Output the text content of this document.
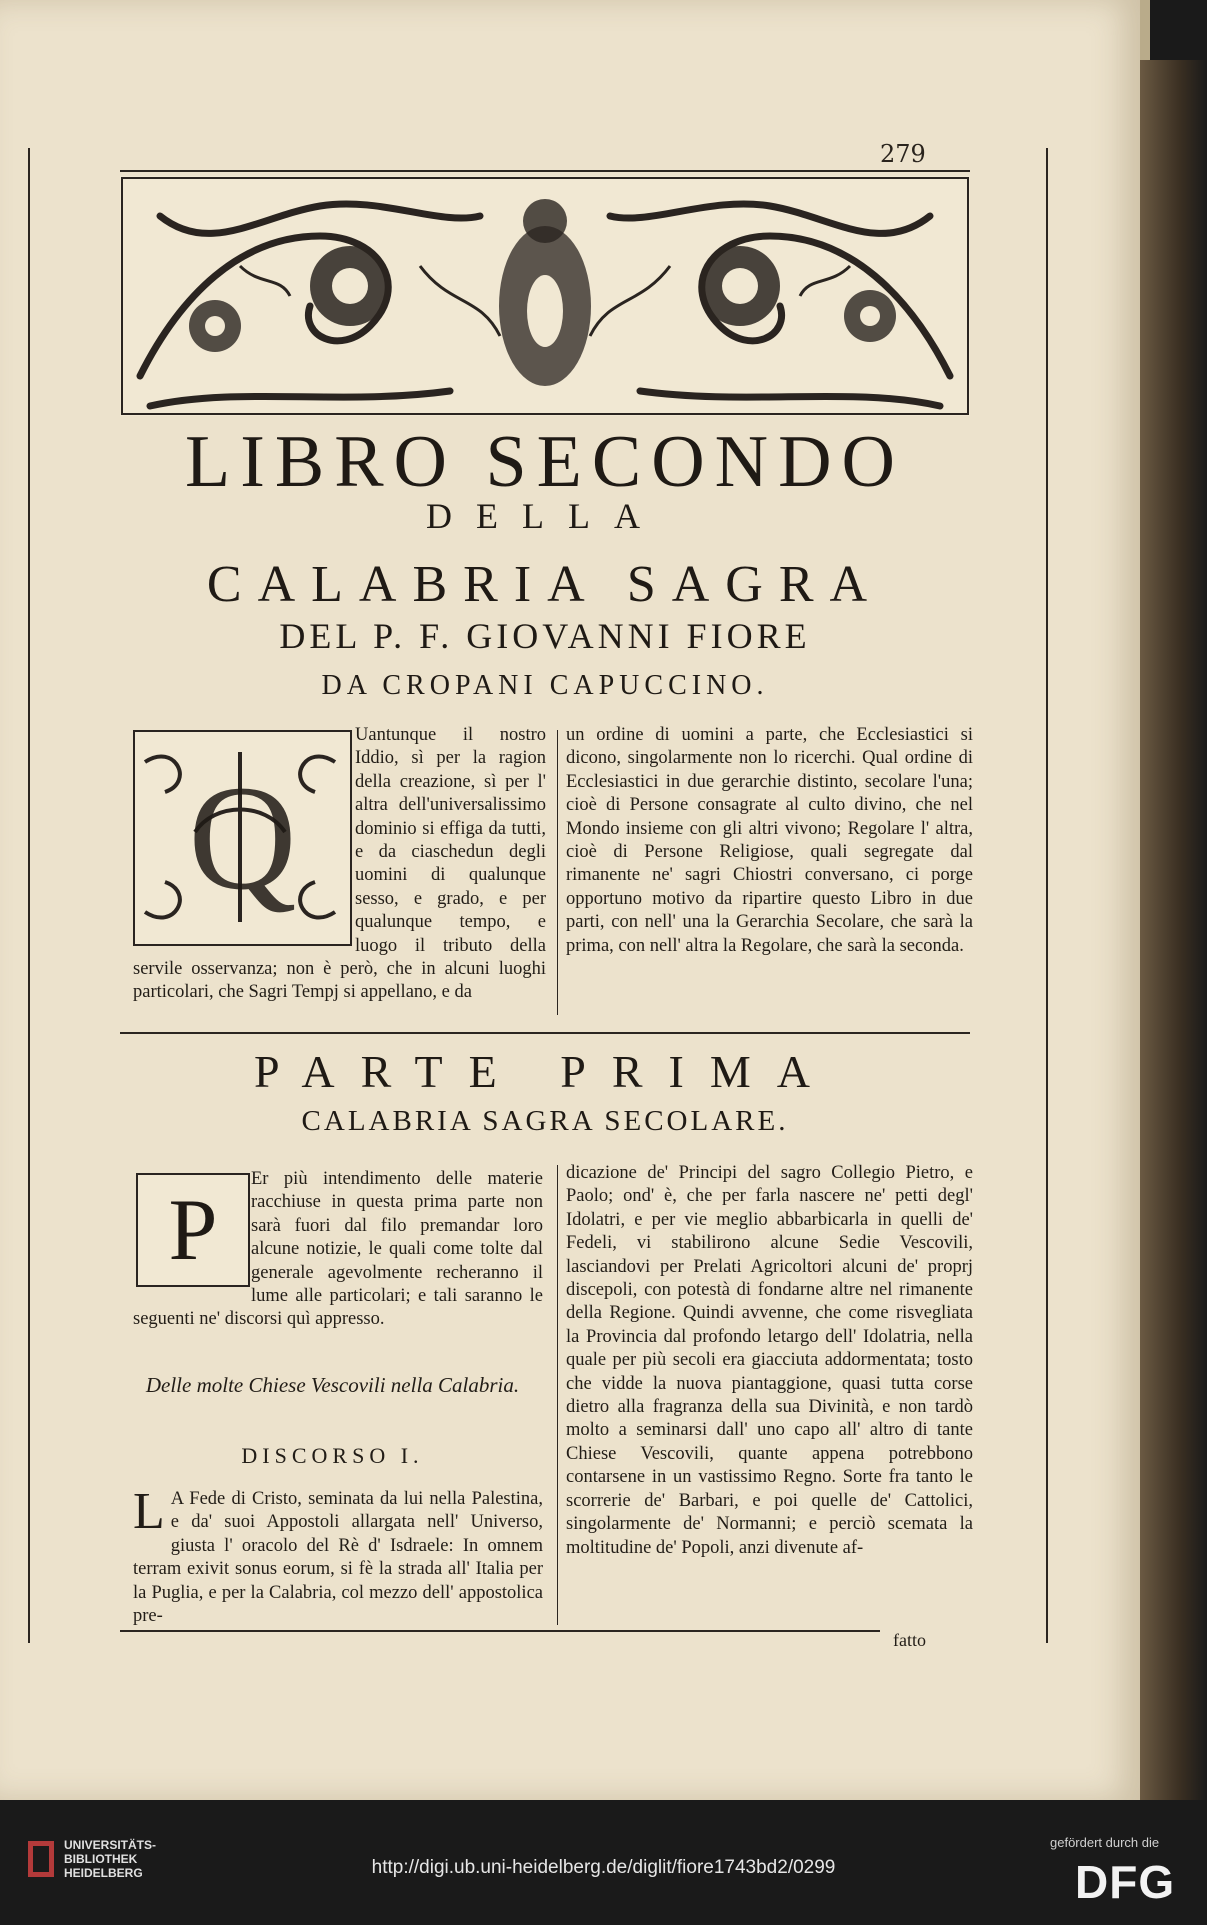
279
LIBRO SECONDO
DELLA
CALABRIA SAGRA
DEL P. F. GIOVANNI FIORE
DA CROPANI CAPUCCINO.
Q

Uantunque il nostro Iddio, sì per la ragion della creazione, sì per l' altra dell'universalissimo dominio si effiga da tutti, e da ciaschedun degli uomini di qualunque sesso, e grado, e per qualunque tempo, e luogo il tributo della servile osservanza; non è però, che in alcuni luoghi particolari, che Sagri Tempj si appellano, e da

un ordine di uomini a parte, che Ecclesiastici si dicono, singolarmente non lo ricerchi. Qual ordine di Ecclesiastici in due gerarchie distinto, secolare l'una; cioè di Persone consagrate al culto divino, che nel Mondo insieme con gli altri vivono; Regolare l' altra, cioè di Persone Religiose, quali segregate dal rimanente ne' sagri Chiostri conversano, ci porge opportuno motivo da ripartire questo Libro in due parti, con nell' una la Gerarchia Secolare, che sarà la prima, con nell' altra la Regolare, che sarà la seconda.

PARTE PRIMA
CALABRIA SAGRA SECOLARE.
P

Er più intendimento delle materie racchiuse in questa prima parte non sarà fuori dal filo premandar loro alcune notizie, le quali come tolte dal generale agevolmente recheranno il lume alle particolari; e tali saranno le seguenti ne' discorsi quì appresso.

Delle molte Chiese Vescovili nella Calabria.
DISCORSO I.
L A Fede di Cristo, seminata da lui nella Palestina, e da' suoi Appostoli allargata nell' Universo, giusta l' oracolo del Rè d' Isdraele: In omnem terram exivit sonus eorum, si fè la strada all' Italia per la Puglia, e per la Calabria, col mezzo dell' appostolica pre-

dicazione de' Principi del sagro Collegio Pietro, e Paolo; ond' è, che per farla nascere ne' petti degl' Idolatri, e per vie meglio abbarbicarla in quelli de' Fedeli, vi stabilirono alcune Sedie Vescovili, lasciandovi per Prelati Agricoltori alcuni de' proprj discepoli, con potestà di fondarne altre nel rimanente della Regione. Quindi avvenne, che come risvegliata la Provincia dal profondo letargo dell' Idolatria, nella quale per più secoli era giacciuta addormentata; tosto che vidde la nuova piantaggione, quasi tutta corse dietro alla fragranza della sua Divinità, e non tardò molto a seminarsi dall' uno capo all' altro di tante Chiese Vescovili, quante appena potrebbono contarsene in un vastissimo Regno. Sorte fra tanto le scorrerie de' Barbari, e poi quelle de' Cattolici, singolarmente de' Normanni; e perciò scemata la moltitudine de' Popoli, anzi divenute af-

fatto
UNIVERSITÄTS-
BIBLIOTHEK
HEIDELBERG	http://digi.ub.uni-heidelberg.de/diglit/fiore1743bd2/0299
gefördert durch die
DFG
